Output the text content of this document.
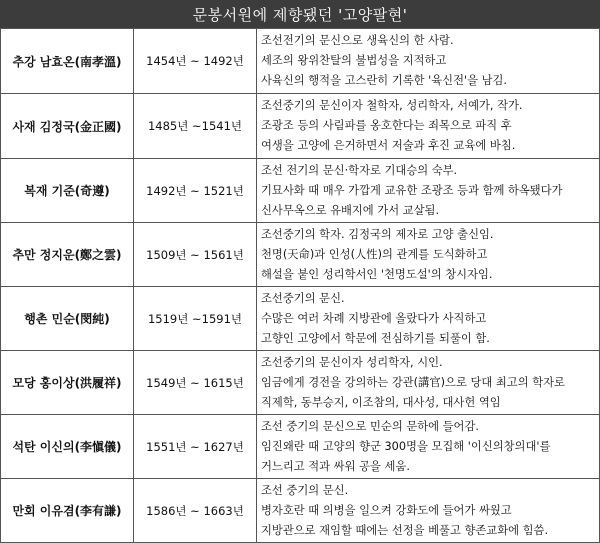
문봉서원에 제향됐던 '고양팔현'
추강 남효온(南孝溫)	1454년 ~ 1492년	조선전기의 문신으로 생육신의 한 사람.
세조의 왕위찬탈의 불법성을 지적하고
사육신의 행적을 고스란히 기록한 '육신전'을 남김.

사재 김정국(金正國)	1485년 ~1541년	조선중기의 문신이자 철학자, 성리학자, 서예가, 작가.
조광조 등의 사림파를 옹호한다는 죄목으로 파직 후
여생을 고양에 은거하면서 저술과 후진 교육에 바침.

복재 기준(奇遵)	1492년 ~ 1521년	조선 전기의 문신·학자로 기대승의 숙부.
기묘사화 때 매우 가깝게 교유한 조광조 등과 함께 하옥됐다가
신사무옥으로 유배지에 가서 교살됨.

추만 정지운(鄭之雲)	1509년 ~ 1561년	조선중기의 학자. 김정국의 제자로 고양 출신임.
천명(天命)과 인성(人性)의 관계를 도식화하고
해설을 붙인 성리학서인 '천명도설'의 창시자임.

행촌 민순(閔純)	1519년 ~1591년	조선중기의 문신.
수많은 여러 차례 지방관에 올랐다가 사직하고
고향인 고양에서 학문에 전심하기를 되풀이 함.

모당 홍이상(洪履祥)	1549년 ~ 1615년	조선중기의 문신이자 성리학자, 시인.
임금에게 경전을 강의하는 강관(講官)으로 당대 최고의 학자로
직제학, 동부승지, 이조참의, 대사성, 대사헌 역임

석탄 이신의(李愼儀)	1551년 ~ 1627년	조선 중기의 문신으로 민순의 문하에 들어감.
임진왜란 때 고양의 향군 300명을 모집해 '이신의창의대'를
거느리고 적과 싸워 공을 세움.

만회 이유겸(李有謙)	1586년 ~ 1663년	조선 중기의 문신.
병자호란 때 의병을 일으켜 강화도에 들어가 싸웠고
지방관으로 재임할 때에는 선정을 베풀고 향존교화에 힘씀.
